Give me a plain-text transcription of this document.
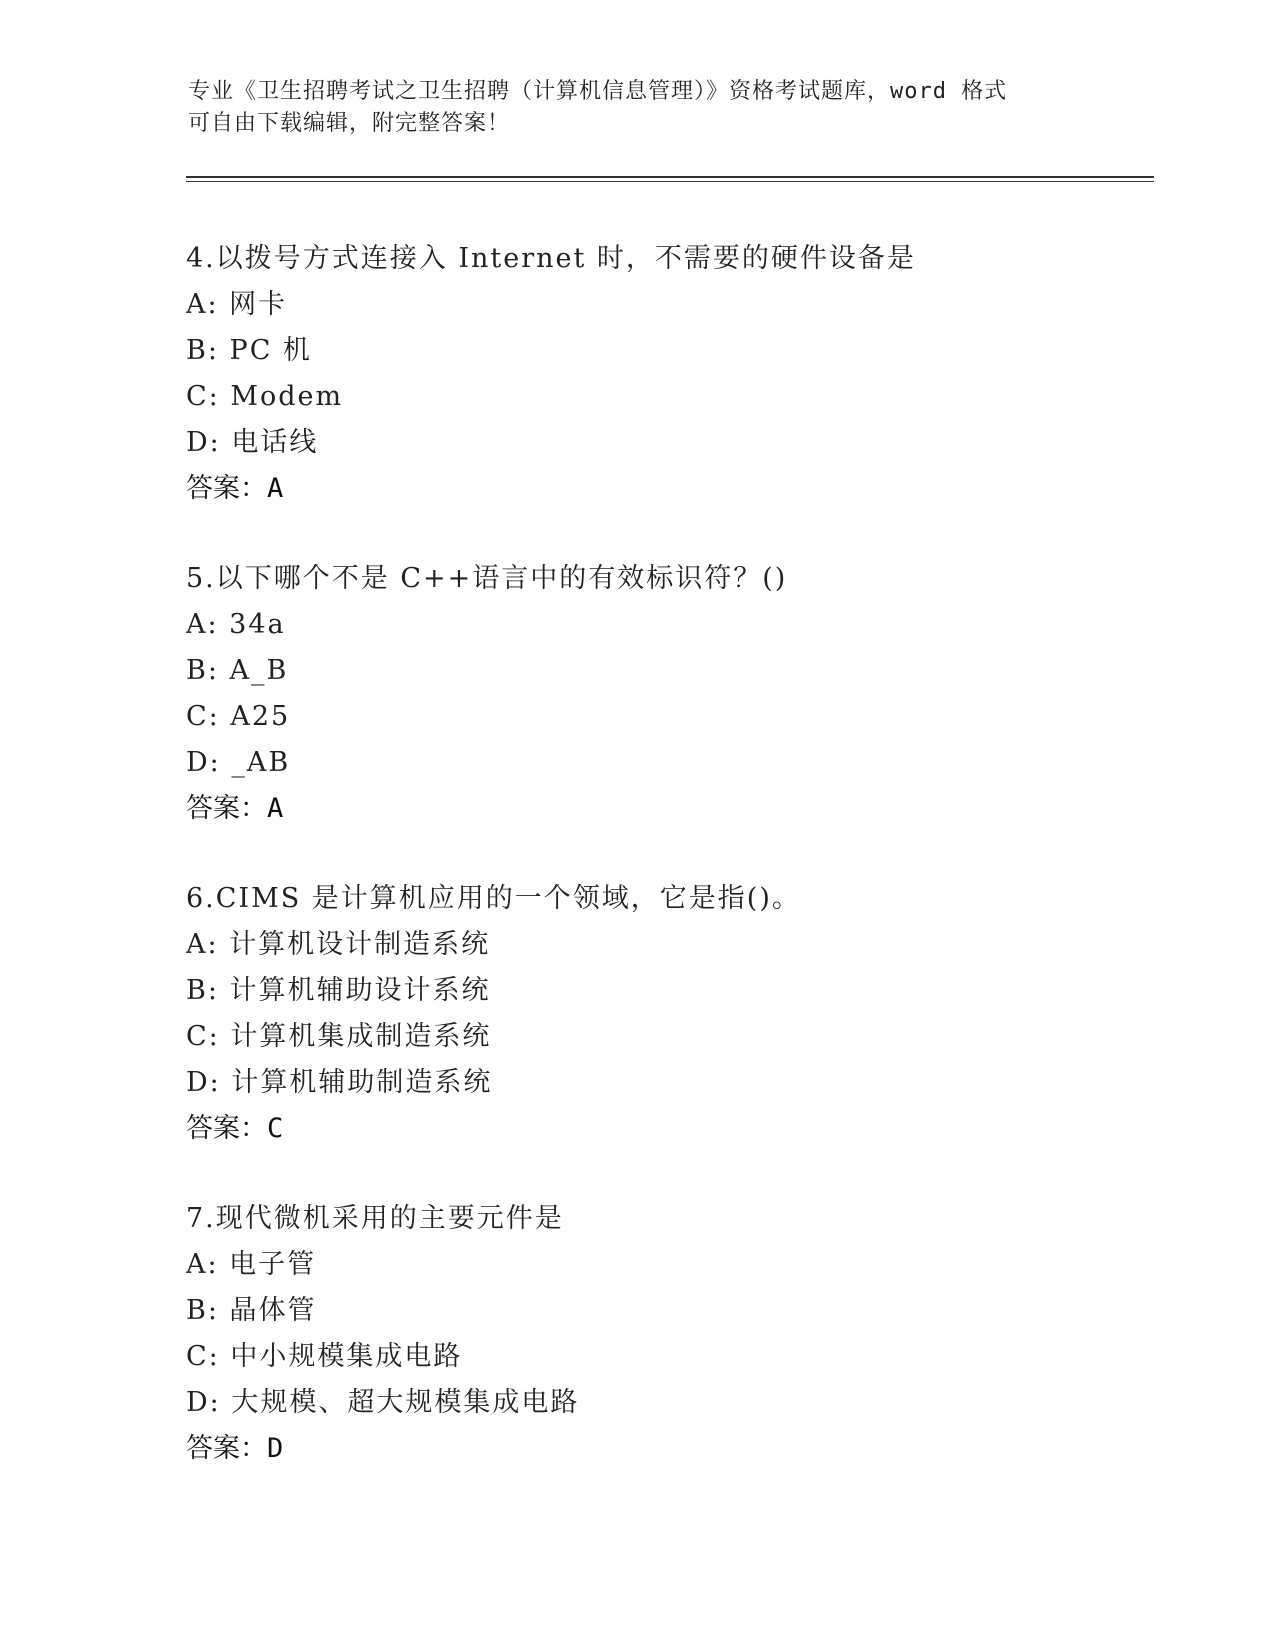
专业《卫生招聘考试之卫生招聘（计算机信息管理）》资格考试题库，word 格式
可自由下载编辑，附完整答案！
4.以拨号方式连接入 Internet 时，不需要的硬件设备是
A: 网卡
B: PC 机
C: Modem
D: 电话线
答案：A
5.以下哪个不是 C++语言中的有效标识符？()
A: 34a
B: A_B
C: A25
D: _AB
答案：A
6.CIMS 是计算机应用的一个领域，它是指()。
A: 计算机设计制造系统
B: 计算机辅助设计系统
C: 计算机集成制造系统
D: 计算机辅助制造系统
答案：C
7.现代微机采用的主要元件是
A: 电子管
B: 晶体管
C: 中小规模集成电路
D: 大规模、超大规模集成电路
答案：D
